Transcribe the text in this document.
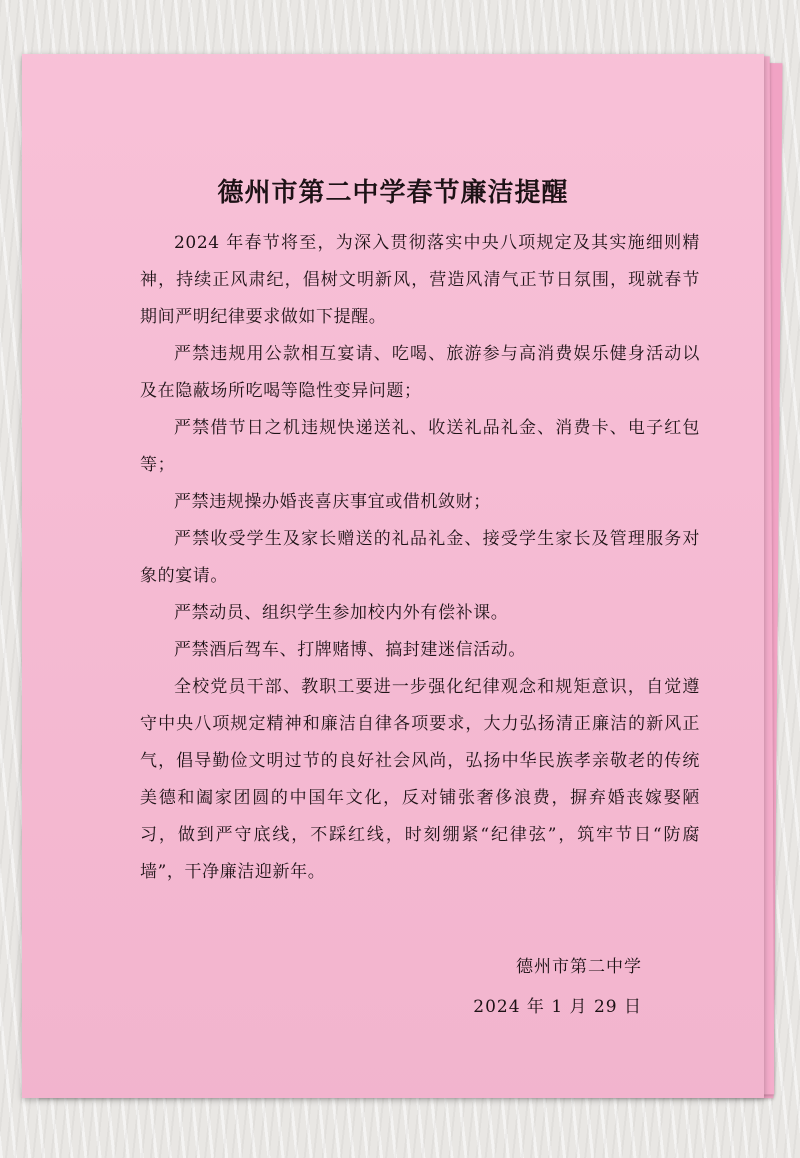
德州市第二中学春节廉洁提醒

2024 年春节将至，为深入贯彻落实中央八项规定及其实施细则精神，持续正风肃纪，倡树文明新风，营造风清气正节日氛围，现就春节期间严明纪律要求做如下提醒。

严禁违规用公款相互宴请、吃喝、旅游参与高消费娱乐健身活动以及在隐蔽场所吃喝等隐性变异问题；

严禁借节日之机违规快递送礼、收送礼品礼金、消费卡、电子红包等；

严禁违规操办婚丧喜庆事宜或借机敛财；

严禁收受学生及家长赠送的礼品礼金、接受学生家长及管理服务对象的宴请。

严禁动员、组织学生参加校内外有偿补课。

严禁酒后驾车、打牌赌博、搞封建迷信活动。

全校党员干部、教职工要进一步强化纪律观念和规矩意识，自觉遵守中央八项规定精神和廉洁自律各项要求，大力弘扬清正廉洁的新风正气，倡导勤俭文明过节的良好社会风尚，弘扬中华民族孝亲敬老的传统美德和阖家团圆的中国年文化，反对铺张奢侈浪费，摒弃婚丧嫁娶陋习，做到严守底线，不踩红线，时刻绷紧“纪律弦”，筑牢节日“防腐墙”，干净廉洁迎新年。

德州市第二中学

2024 年 1 月 29 日
